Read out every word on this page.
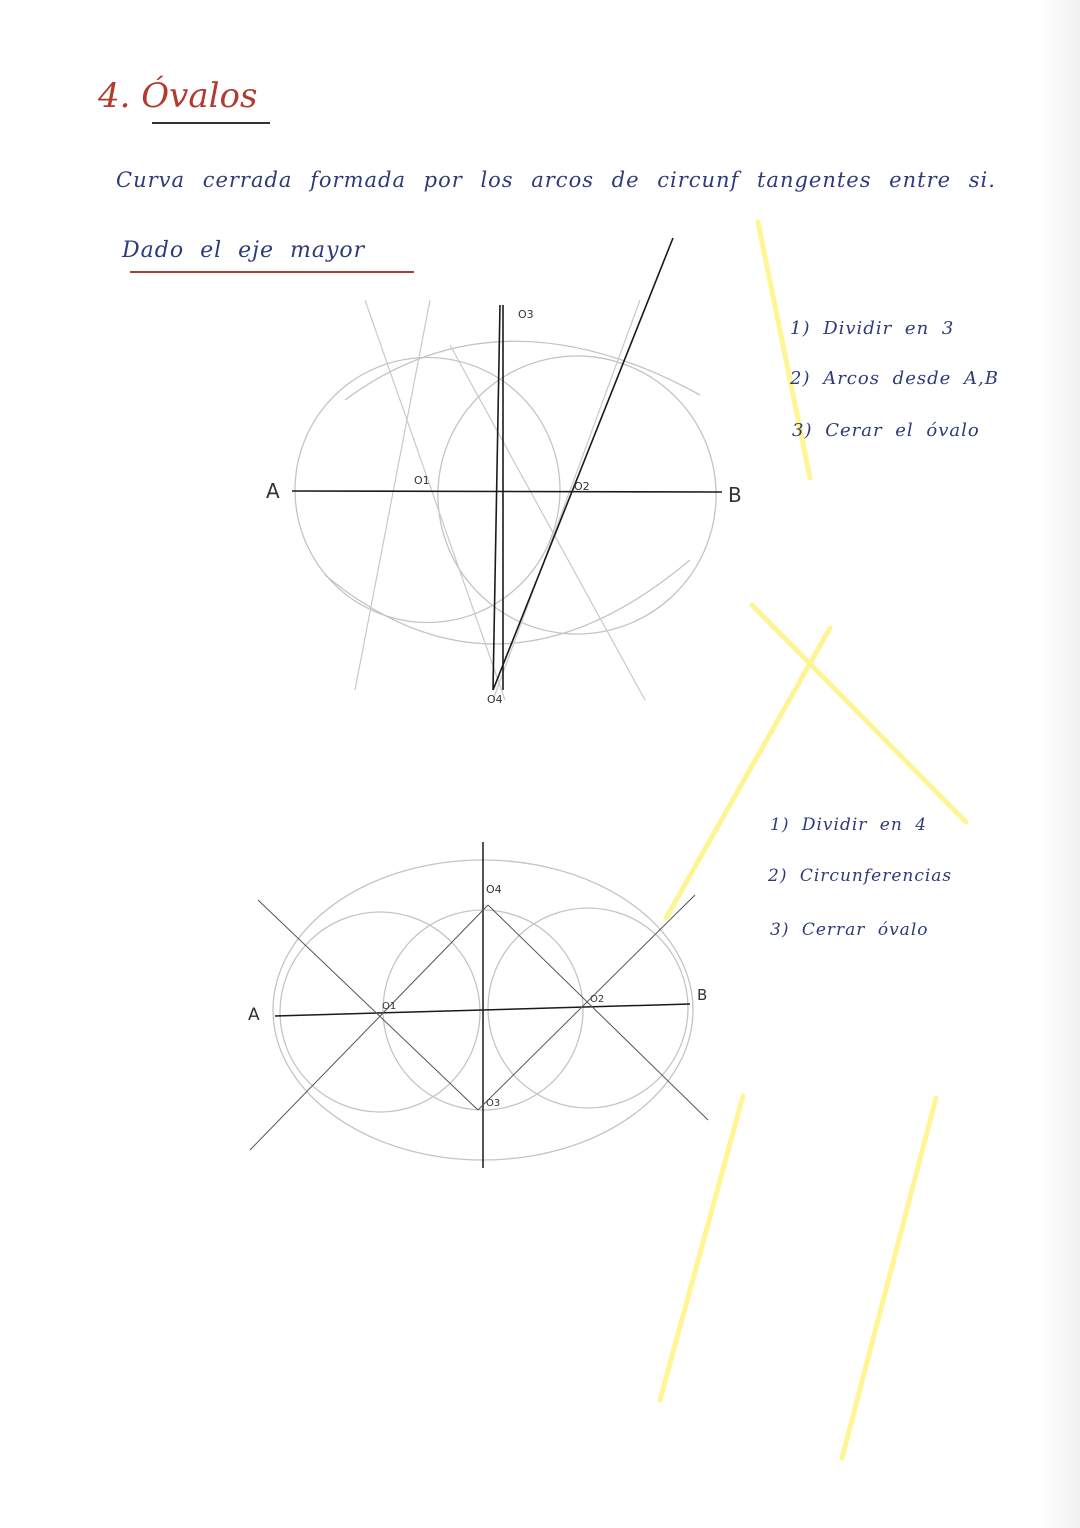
4. Óvalos
Curva cerrada formada por los arcos de circunf tangentes entre si.
Dado el eje mayor
A	B
O1	O2
O3
O4
1) Dividir en 3
2) Arcos desde A,B
3) Cerar el óvalo
A
B
O1
O2
O3
O4
1) Dividir en 4
2) Circunferencias
3) Cerrar óvalo
